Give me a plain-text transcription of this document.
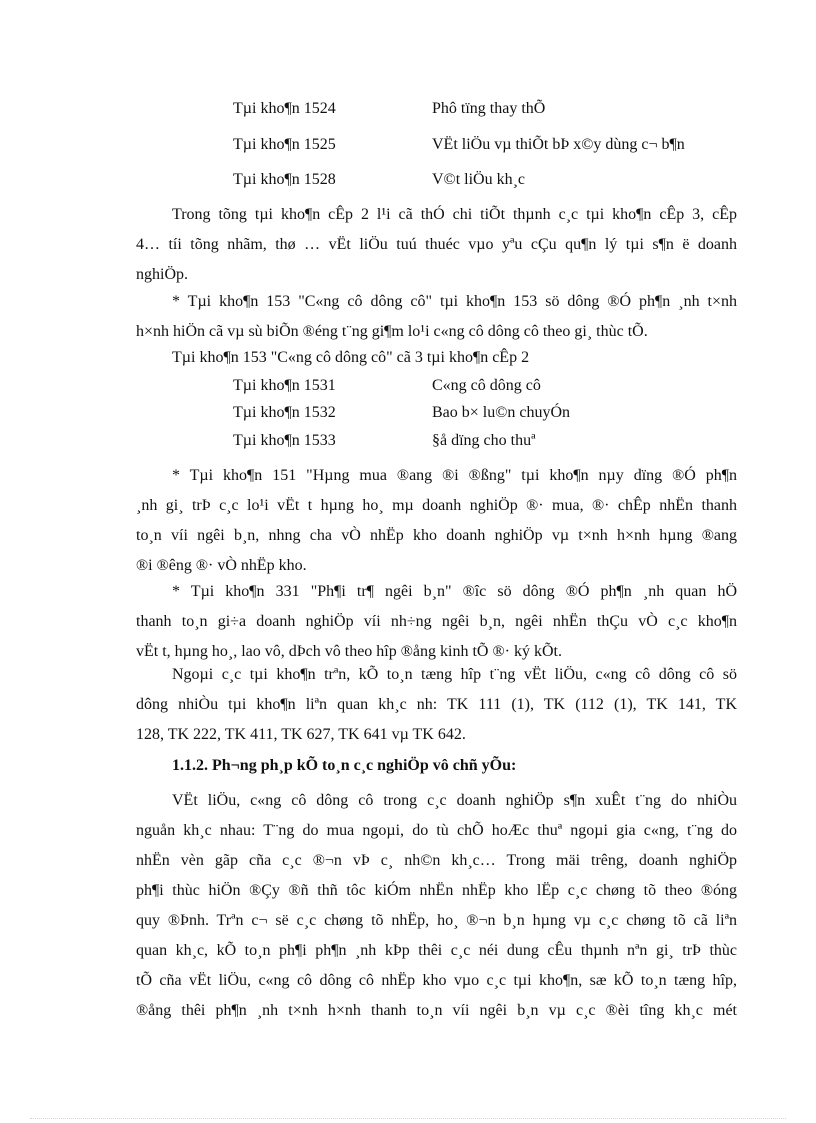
Tµi kho¶n 1524	Phô tïng thay thÕ
Tµi kho¶n 1525	VËt liÖu vµ thiÕt bÞ x©y dùng c¬ b¶n
Tµi kho¶n 1528	V©t liÖu kh¸c
Trong tõng tµi kho¶n cÊp 2 l¹i cã thÓ chi tiÕt thµnh c¸c tµi kho¶n cÊp 3, cÊp
4… tíi tõng nhãm, thø … vËt liÖu tuú thuéc vµo yªu cÇu qu¶n lý tµi s¶n ë doanh
nghiÖp.
* Tµi kho¶n 153 "C«ng cô dông cô" tµi kho¶n 153 sö dông ®Ó ph¶n ¸nh t×nh
h×nh hiÖn cã vµ sù biÕn ®éng t¨ng gi¶m lo¹i c«ng cô dông cô theo gi¸ thùc tÕ.
Tµi kho¶n 153 "C«ng cô dông cô" cã 3 tµi kho¶n cÊp 2
Tµi kho¶n 1531	C«ng cô dông cô
Tµi kho¶n 1532	Bao b× lu©n chuyÓn
Tµi kho¶n 1533	§å dïng cho thuª
* Tµi kho¶n 151 "Hµng mua ®ang ®i ®ßng" tµi kho¶n nµy dïng ®Ó ph¶n
¸nh gi¸ trÞ c¸c lo¹i vËt t hµng ho¸ mµ doanh nghiÖp ®· mua, ®· chÊp nhËn thanh
to¸n víi ngêi b¸n, nhng cha vÒ nhËp kho doanh nghiÖp vµ t×nh h×nh hµng ®ang
®i ®êng ®· vÒ nhËp kho.
* Tµi kho¶n 331 "Ph¶i tr¶ ngêi b¸n" ®îc sö dông ®Ó ph¶n ¸nh quan hÖ
thanh to¸n gi÷a doanh nghiÖp víi nh÷ng ngêi b¸n, ngêi nhËn thÇu vÒ c¸c kho¶n
vËt t, hµng ho¸, lao vô, dÞch vô theo hîp ®ång kinh tÕ ®· ký kÕt.
Ngoµi c¸c tµi kho¶n trªn, kÕ to¸n tæng hîp t¨ng vËt liÖu, c«ng cô dông cô sö
dông nhiÒu tµi kho¶n liªn quan kh¸c nh: TK 111 (1), TK (112 (1), TK 141, TK
128, TK 222, TK 411, TK 627, TK 641 vµ TK 642.
1.1.2. Ph¬ng ph¸p kÕ to¸n c¸c nghiÖp vô chñ yÕu:
VËt liÖu, c«ng cô dông cô trong c¸c doanh nghiÖp s¶n xuÊt t¨ng do nhiÒu
nguån kh¸c nhau: T¨ng do mua ngoµi, do tù chÕ hoÆc thuª ngoµi gia c«ng, t¨ng do
nhËn vèn gãp cña c¸c ®¬n vÞ c¸ nh©n kh¸c… Trong mäi trêng, doanh nghiÖp
ph¶i thùc hiÖn ®Çy ®ñ thñ tôc kiÓm nhËn nhËp kho lËp c¸c chøng tõ theo ®óng
quy ®Þnh. Trªn c¬ së c¸c chøng tõ nhËp, ho¸ ®¬n b¸n hµng vµ c¸c chøng tõ cã liªn
quan kh¸c, kÕ to¸n ph¶i ph¶n ¸nh kÞp thêi c¸c néi dung cÊu thµnh nªn gi¸ trÞ thùc
tÕ cña vËt liÖu, c«ng cô dông cô nhËp kho vµo c¸c tµi kho¶n, sæ kÕ to¸n tæng hîp,
®ång thêi ph¶n ¸nh t×nh h×nh thanh to¸n víi ngêi b¸n vµ c¸c ®èi tîng kh¸c mét
